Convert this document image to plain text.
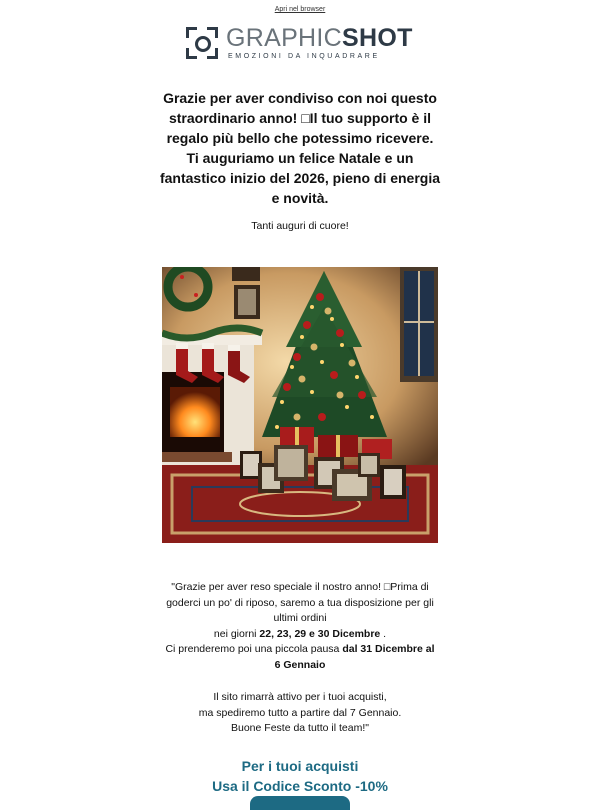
Apri nel browser
GRAPHICSHOT
EMOZIONI DA INQUADRARE
Grazie per aver condiviso con noi questo
straordinario anno! □Il tuo supporto è il
regalo più bello che potessimo ricevere.
Ti auguriamo un felice Natale e un
fantastico inizio del 2026, pieno di energia
e novità.
Tanti auguri di cuore!
"Grazie per aver reso speciale il nostro anno! □Prima di
goderci un po' di riposo, saremo a tua disposizione per gli
ultimi ordini
nei giorni 22, 23, 29 e 30 Dicembre .
Ci prenderemo poi una piccola pausa dal 31 Dicembre al
6 Gennaio
Il sito rimarrà attivo per i tuoi acquisti,
ma spediremo tutto a partire dal 7 Gennaio.
Buone Feste da tutto il team!"
Per i tuoi acquisti
Usa il Codice Sconto -10%
